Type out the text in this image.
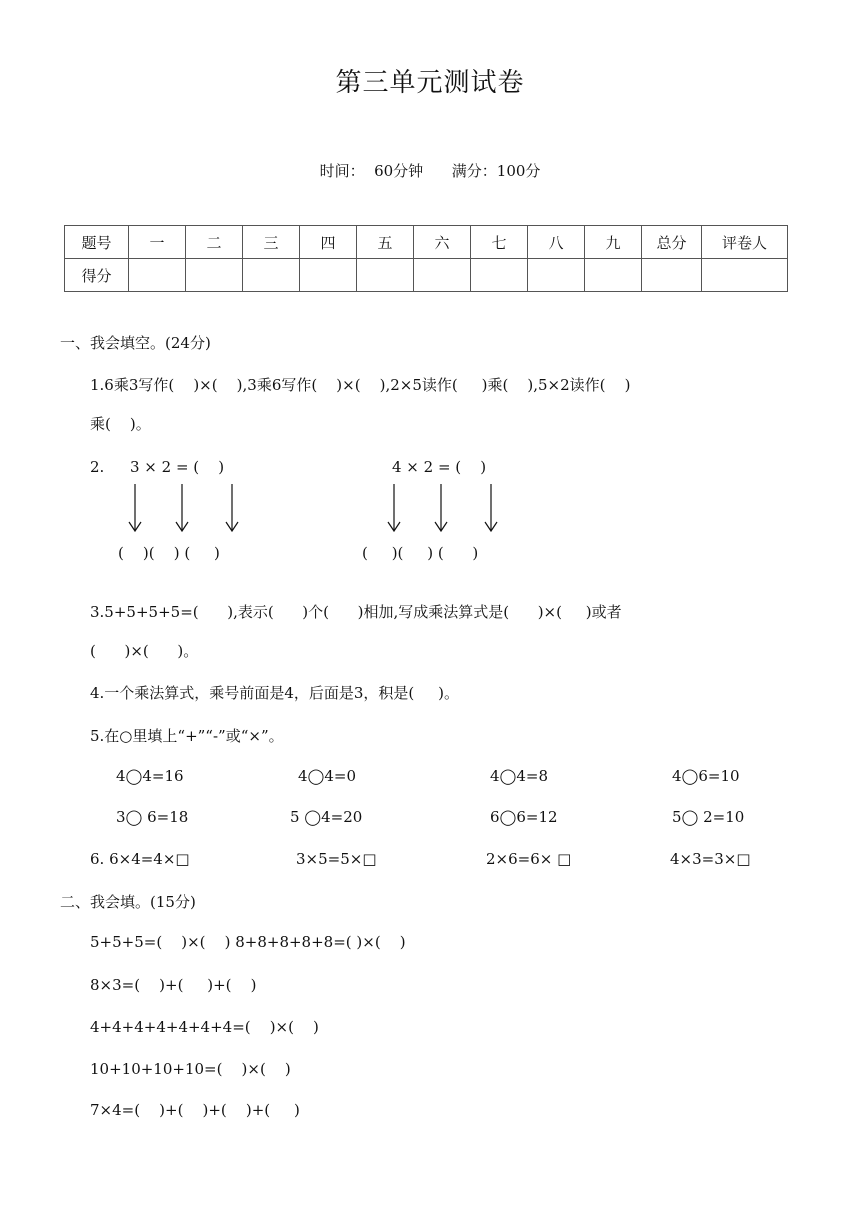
第三单元测试卷
时间：  60分钟      满分：100分
题号	一	二	三	四	五	六	七	八	九	总分	评卷人
得分											
一、我会填空。(24分)
1.6乘3写作(    )×(    ),3乘6写作(    )×(    ),2×5读作(     )乘(    ),5×2读作(    )
乘(    )。
2. 3 × 2 = (    )	4 × 2 = (    )
(    )(    ) (     )	(     )(     ) (      )
3.5+5+5+5=(      ),表示(      )个(      )相加,写成乘法算式是(      )×(     )或者
(      )×(      )。
4.一个乘法算式，乘号前面是4，后面是3，积是(     )。
5.在○里填上“+”“-”或“×”。
4◯4=16	4◯4=0	4◯4=8	4◯6=10
3◯ 6=18	5 ◯4=20	6◯6=12	5◯ 2=10
6. 6×4=4×□	3×5=5×□	2×6=6× □	4×3=3×□
二、我会填。(15分)
5+5+5=(    )×(    ) 8+8+8+8+8=( )×(    )
8×3=(    )+(     )+(    )
4+4+4+4+4+4+4=(    )×(    )
10+10+10+10=(    )×(    )
7×4=(    )+(    )+(    )+(     )
